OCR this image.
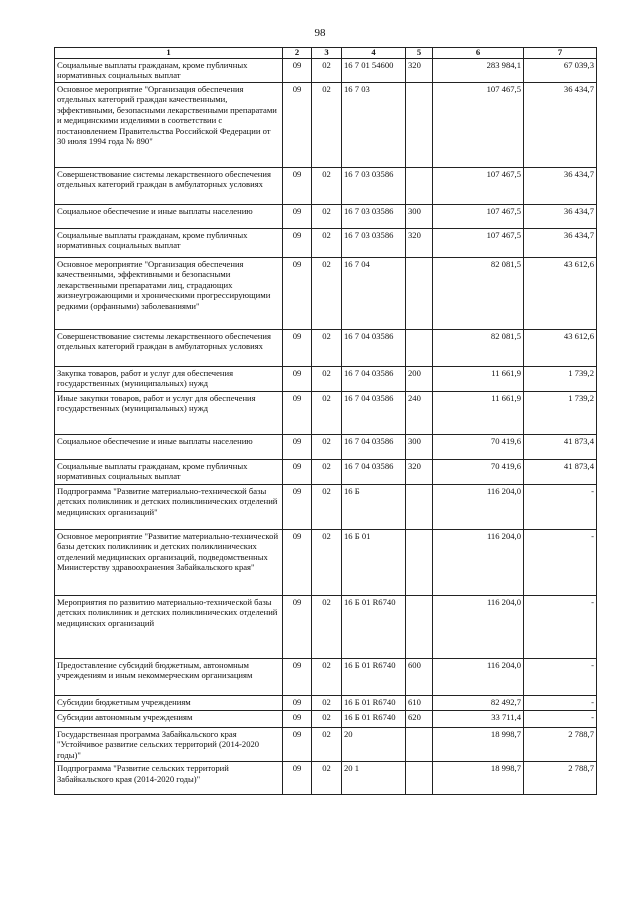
98
1	2	3	4	5	6	7
Социальные выплаты гражданам, кроме публичных нормативных социальных выплат	09	02	16 7 01 54600	320	283 984,1	67 039,3
Основное мероприятие "Организация обеспечения отдельных категорий граждан качественными, эффективными, безопасными лекарственными препаратами и медицинскими изделиями в соответствии с постановлением Правительства Российской Федерации от 30 июля 1994 года № 890"	09	02	16 7 03		107 467,5	36 434,7
Совершенствование системы лекарственного обеспечения отдельных категорий граждан в амбулаторных условиях	09	02	16 7 03 03586		107 467,5	36 434,7
Социальное обеспечение и иные выплаты населению	09	02	16 7 03 03586	300	107 467,5	36 434,7
Социальные выплаты гражданам, кроме публичных нормативных социальных выплат	09	02	16 7 03 03586	320	107 467,5	36 434,7
Основное мероприятие "Организация обеспечения качественными, эффективными и безопасными лекарственными препаратами лиц, страдающих жизнеугрожающими и хроническими прогрессирующими редкими (орфанными) заболеваниями"	09	02	16 7 04		82 081,5	43 612,6
Совершенствование системы лекарственного обеспечения отдельных категорий граждан в амбулаторных условиях	09	02	16 7 04 03586		82 081,5	43 612,6
Закупка товаров, работ и услуг для обеспечения государственных (муниципальных) нужд	09	02	16 7 04 03586	200	11 661,9	1 739,2
Иные закупки товаров, работ и услуг для обеспечения государственных (муниципальных) нужд	09	02	16 7 04 03586	240	11 661,9	1 739,2
Социальное обеспечение и иные выплаты населению	09	02	16 7 04 03586	300	70 419,6	41 873,4
Социальные выплаты гражданам, кроме публичных нормативных социальных выплат	09	02	16 7 04 03586	320	70 419,6	41 873,4
Подпрограмма "Развитие материально-технической базы детских поликлиник и детских поликлинических отделений медицинских организаций"	09	02	16 Б		116 204,0	-
Основное мероприятие "Развитие материально-технической базы детских поликлиник и детских поликлинических отделений медицинских организаций, подведомственных Министерству здравоохранения Забайкальского края"	09	02	16 Б 01		116 204,0	-
Мероприятия по развитию материально-технической базы детских поликлиник и детских поликлинических отделений медицинских организаций	09	02	16 Б 01 R6740		116 204,0	-
Предоставление субсидий бюджетным, автономным учреждениям и иным некоммерческим организациям	09	02	16 Б 01 R6740	600	116 204,0	-
Субсидии бюджетным учреждениям	09	02	16 Б 01 R6740	610	82 492,7	-
Субсидии автономным учреждениям	09	02	16 Б 01 R6740	620	33 711,4	-
Государственная программа Забайкальского края "Устойчивое развитие сельских территорий (2014-2020 годы)"	09	02	20		18 998,7	2 788,7
Подпрограмма "Развитие сельских территорий Забайкальского края (2014-2020 годы)"	09	02	20 1		18 998,7	2 788,7
